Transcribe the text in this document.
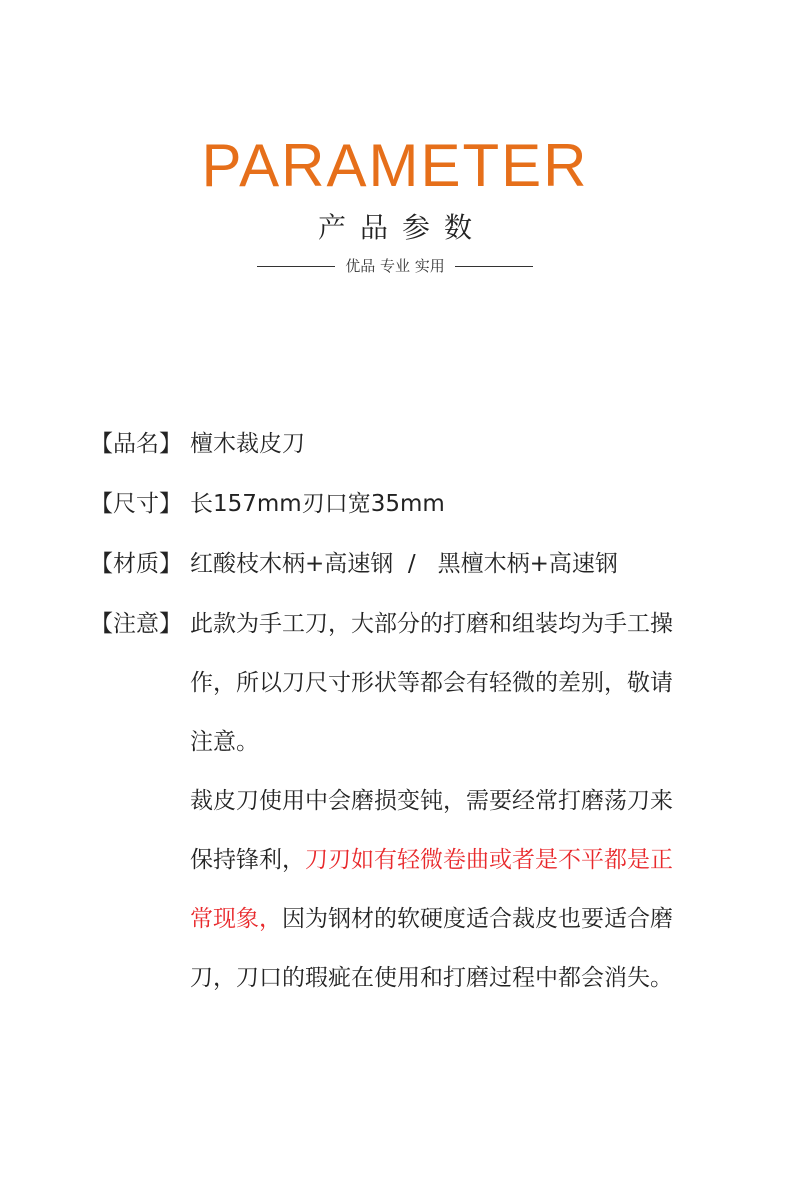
PARAMETER
产品参数
优品 专业 实用
【品名】 檀木裁皮刀
【尺寸】 长157mm刃口宽35mm
【材质】 红酸枝木柄+高速钢  /   黑檀木柄+高速钢
【注意】 此款为手工刀，大部分的打磨和组装均为手工操作，所以刀尺寸形状等都会有轻微的差别，敬请注意。

裁皮刀使用中会磨损变钝，需要经常打磨荡刀来保持锋利，刀刃如有轻微卷曲或者是不平都是正常现象，因为钢材的软硬度适合裁皮也要适合磨刀，刀口的瑕疵在使用和打磨过程中都会消失。
